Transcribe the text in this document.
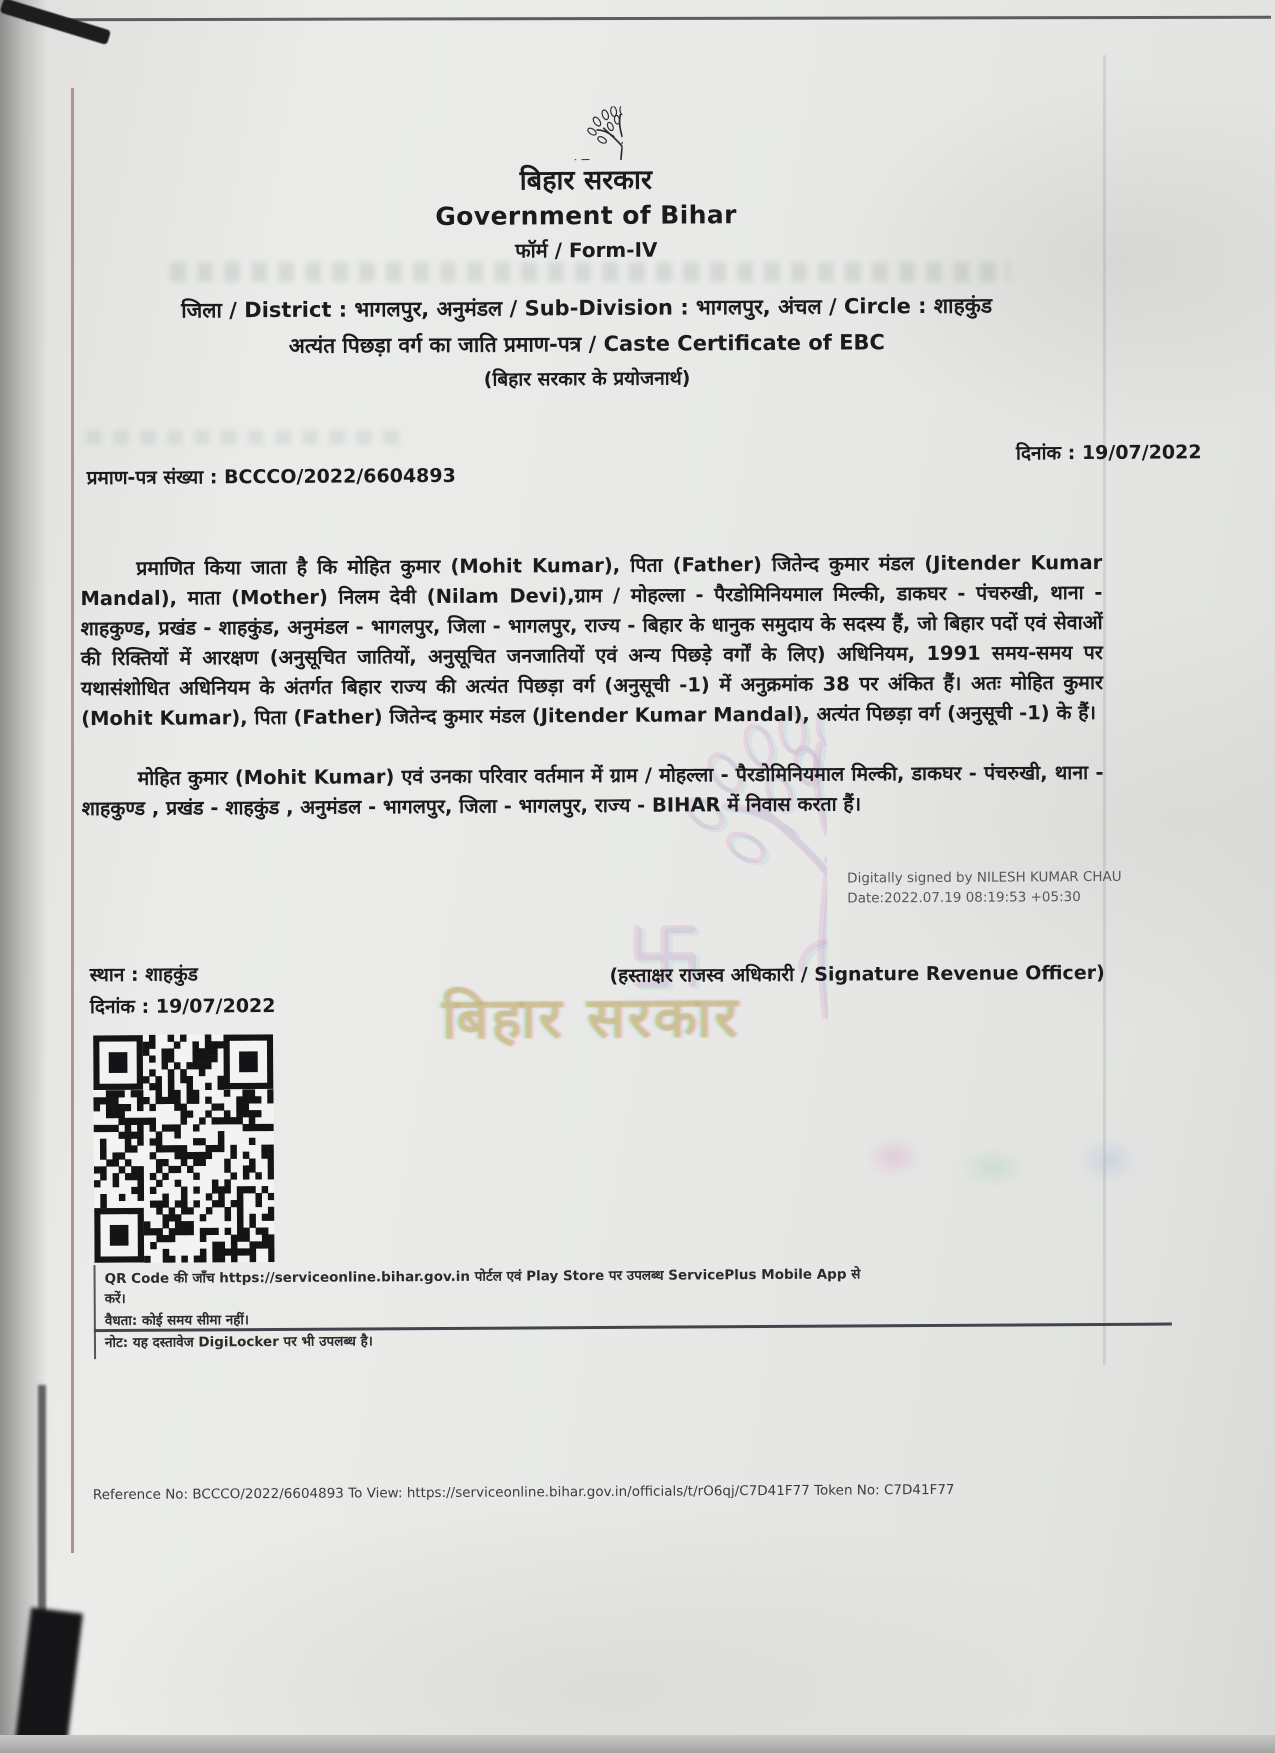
बिहार सरकार
बिहार सरकार
Government of Bihar
फॉर्म / Form-IV
जिला / District : भागलपुर, अनुमंडल / Sub-Division : भागलपुर, अंचल / Circle : शाहकुंड
अत्यंत पिछड़ा वर्ग का जाति प्रमाण-पत्र / Caste Certificate of EBC
(बिहार सरकार के प्रयोजनार्थ)
दिनांक : 19/07/2022
प्रमाण-पत्र संख्या : BCCCO/2022/6604893
प्रमाणित किया जाता है कि मोहित कुमार (Mohit Kumar), पिता (Father) जितेन्द कुमार मंडल (Jitender Kumar Mandal), माता (Mother) निलम देवी (Nilam Devi),ग्राम / मोहल्ला - पैरडोमिनियमाल मिल्की, डाकघर - पंचरुखी, थाना - शाहकुण्ड, प्रखंड - शाहकुंड, अनुमंडल - भागलपुर, जिला - भागलपुर, राज्य - बिहार के धानुक समुदाय के सदस्य हैं, जो बिहार पदों एवं सेवाओं की रिक्तियों में आरक्षण (अनुसूचित जातियों, अनुसूचित जनजातियों एवं अन्य पिछड़े वर्गों के लिए) अधिनियम, 1991 समय-समय पर यथासंशोधित अधिनियम के अंतर्गत बिहार राज्य की अत्यंत पिछड़ा वर्ग (अनुसूची -1) में अनुक्रमांक 38 पर अंकित हैं। अतः मोहित कुमार (Mohit Kumar), पिता (Father) जितेन्द कुमार मंडल (Jitender Kumar Mandal), अत्यंत पिछड़ा वर्ग (अनुसूची -1) के हैं।
मोहित कुमार (Mohit Kumar) एवं उनका परिवार वर्तमान में ग्राम / मोहल्ला - पैरडोमिनियमाल मिल्की, डाकघर - पंचरुखी, थाना - शाहकुण्ड , प्रखंड - शाहकुंड , अनुमंडल - भागलपुर, जिला - भागलपुर, राज्य - BIHAR में निवास करता हैं।
Digitally signed by NILESH KUMAR CHAU
Date:2022.07.19 08:19:53 +05:30
(हस्ताक्षर राजस्व अधिकारी / Signature Revenue Officer)
स्थान : शाहकुंड
दिनांक : 19/07/2022
QR Code की जाँच https://serviceonline.bihar.gov.in पोर्टल एवं Play Store पर उपलब्ध ServicePlus Mobile App से करें।
वैधता: कोई समय सीमा नहीं।
नोट: यह दस्तावेज DigiLocker पर भी उपलब्ध है।
Reference No: BCCCO/2022/6604893 To View: https://serviceonline.bihar.gov.in/officials/t/rO6qj/C7D41F77 Token No: C7D41F77
